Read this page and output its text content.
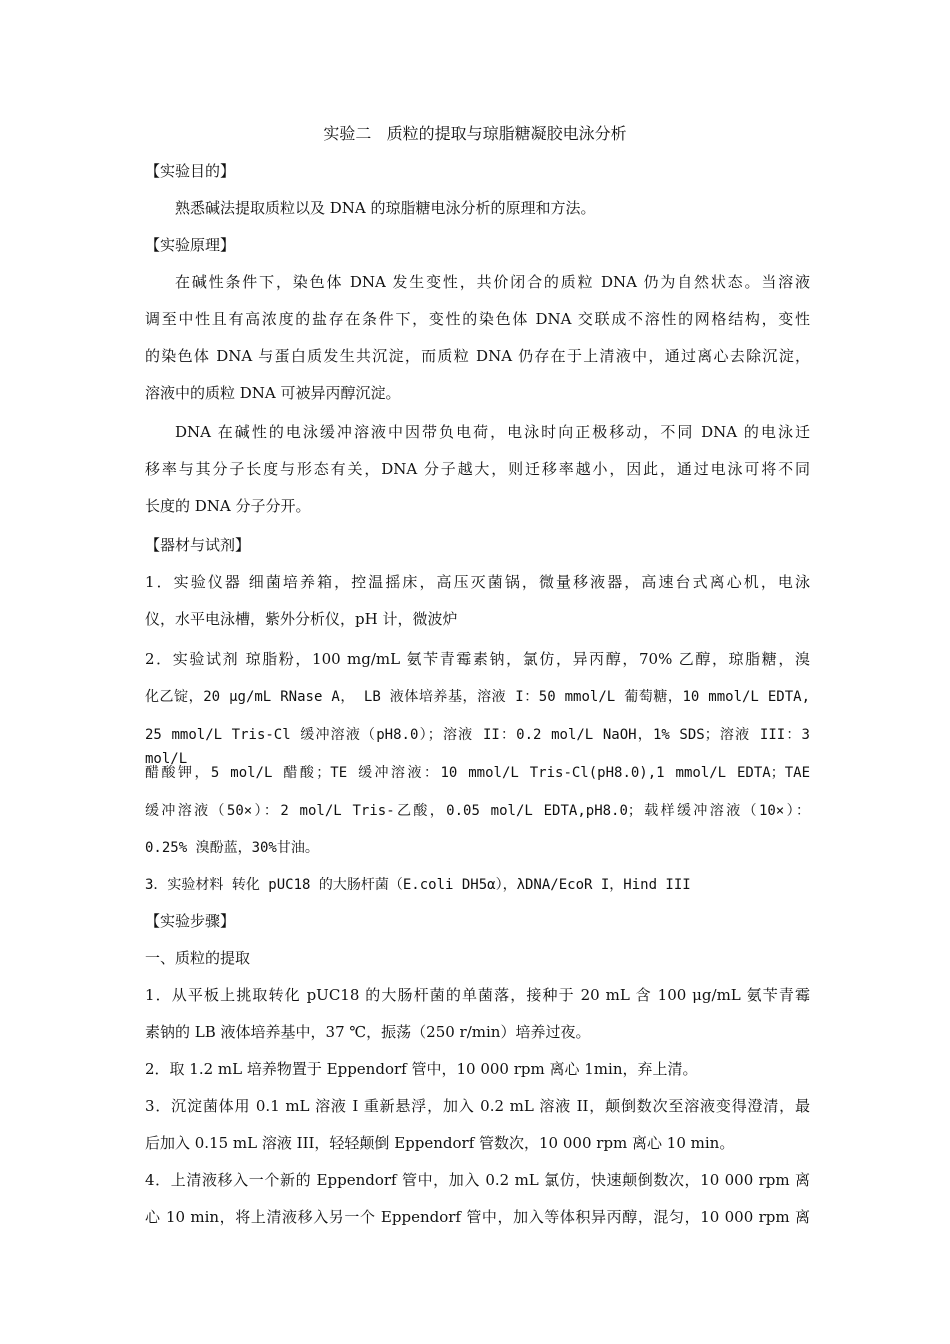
实验二   质粒的提取与琼脂糖凝胶电泳分析
【实验目的】
熟悉碱法提取质粒以及 DNA 的琼脂糖电泳分析的原理和方法。
【实验原理】
在碱性条件下，染色体 DNA 发生变性，共价闭合的质粒 DNA 仍为自然状态。当溶液
调至中性且有高浓度的盐存在条件下，变性的染色体 DNA 交联成不溶性的网格结构，变性
的染色体 DNA 与蛋白质发生共沉淀，而质粒 DNA 仍存在于上清液中，通过离心去除沉淀，
溶液中的质粒 DNA 可被异丙醇沉淀。
DNA 在碱性的电泳缓冲溶液中因带负电荷，电泳时向正极移动，不同 DNA 的电泳迁
移率与其分子长度与形态有关，DNA 分子越大，则迁移率越小，因此，通过电泳可将不同
长度的 DNA 分子分开。
【器材与试剂】
1．实验仪器 细菌培养箱，控温摇床，高压灭菌锅，微量移液器，高速台式离心机，电泳
仪，水平电泳槽，紫外分析仪，pH 计，微波炉
2．实验试剂 琼脂粉，100 mg/mL 氨苄青霉素钠，氯仿，异丙醇，70% 乙醇，琼脂糖，溴
化乙锭，20 μg/mL RNase A， LB 液体培养基，溶液 I：50 mmol/L 葡萄糖，10 mmol/L EDTA,
25 mmol/L Tris-Cl 缓冲溶液（pH8.0）；溶液 II：0.2 mol/L NaOH，1% SDS；溶液 III：3 mol/L
醋酸钾，5 mol/L 醋酸；TE 缓冲溶液：10 mmol/L Tris-Cl(pH8.0),1 mmol/L EDTA；TAE
缓冲溶液（50×）：2 mol/L Tris-乙酸，0.05 mol/L EDTA,pH8.0；载样缓冲溶液（10×）：
0.25% 溴酚蓝，30%甘油。
3．实验材料 转化 pUC18 的大肠杆菌（E.coli DH5α），λDNA/EcoR I，Hind III
【实验步骤】
一、质粒的提取
1．从平板上挑取转化 pUC18 的大肠杆菌的单菌落，接种于 20 mL 含 100 μg/mL 氨苄青霉
素钠的 LB 液体培养基中，37 ℃，振荡（250 r/min）培养过夜。
2．取 1.2 mL 培养物置于 Eppendorf 管中，10 000 rpm 离心 1min，弃上清。
3．沉淀菌体用 0.1 mL 溶液 I 重新悬浮，加入 0.2 mL 溶液 II，颠倒数次至溶液变得澄清，最
后加入 0.15 mL 溶液 III，轻轻颠倒 Eppendorf 管数次，10 000 rpm 离心 10 min。
4．上清液移入一个新的 Eppendorf 管中，加入 0.2 mL 氯仿，快速颠倒数次，10 000 rpm 离
心 10 min，将上清液移入另一个 Eppendorf 管中，加入等体积异丙醇，混匀，10 000 rpm 离
